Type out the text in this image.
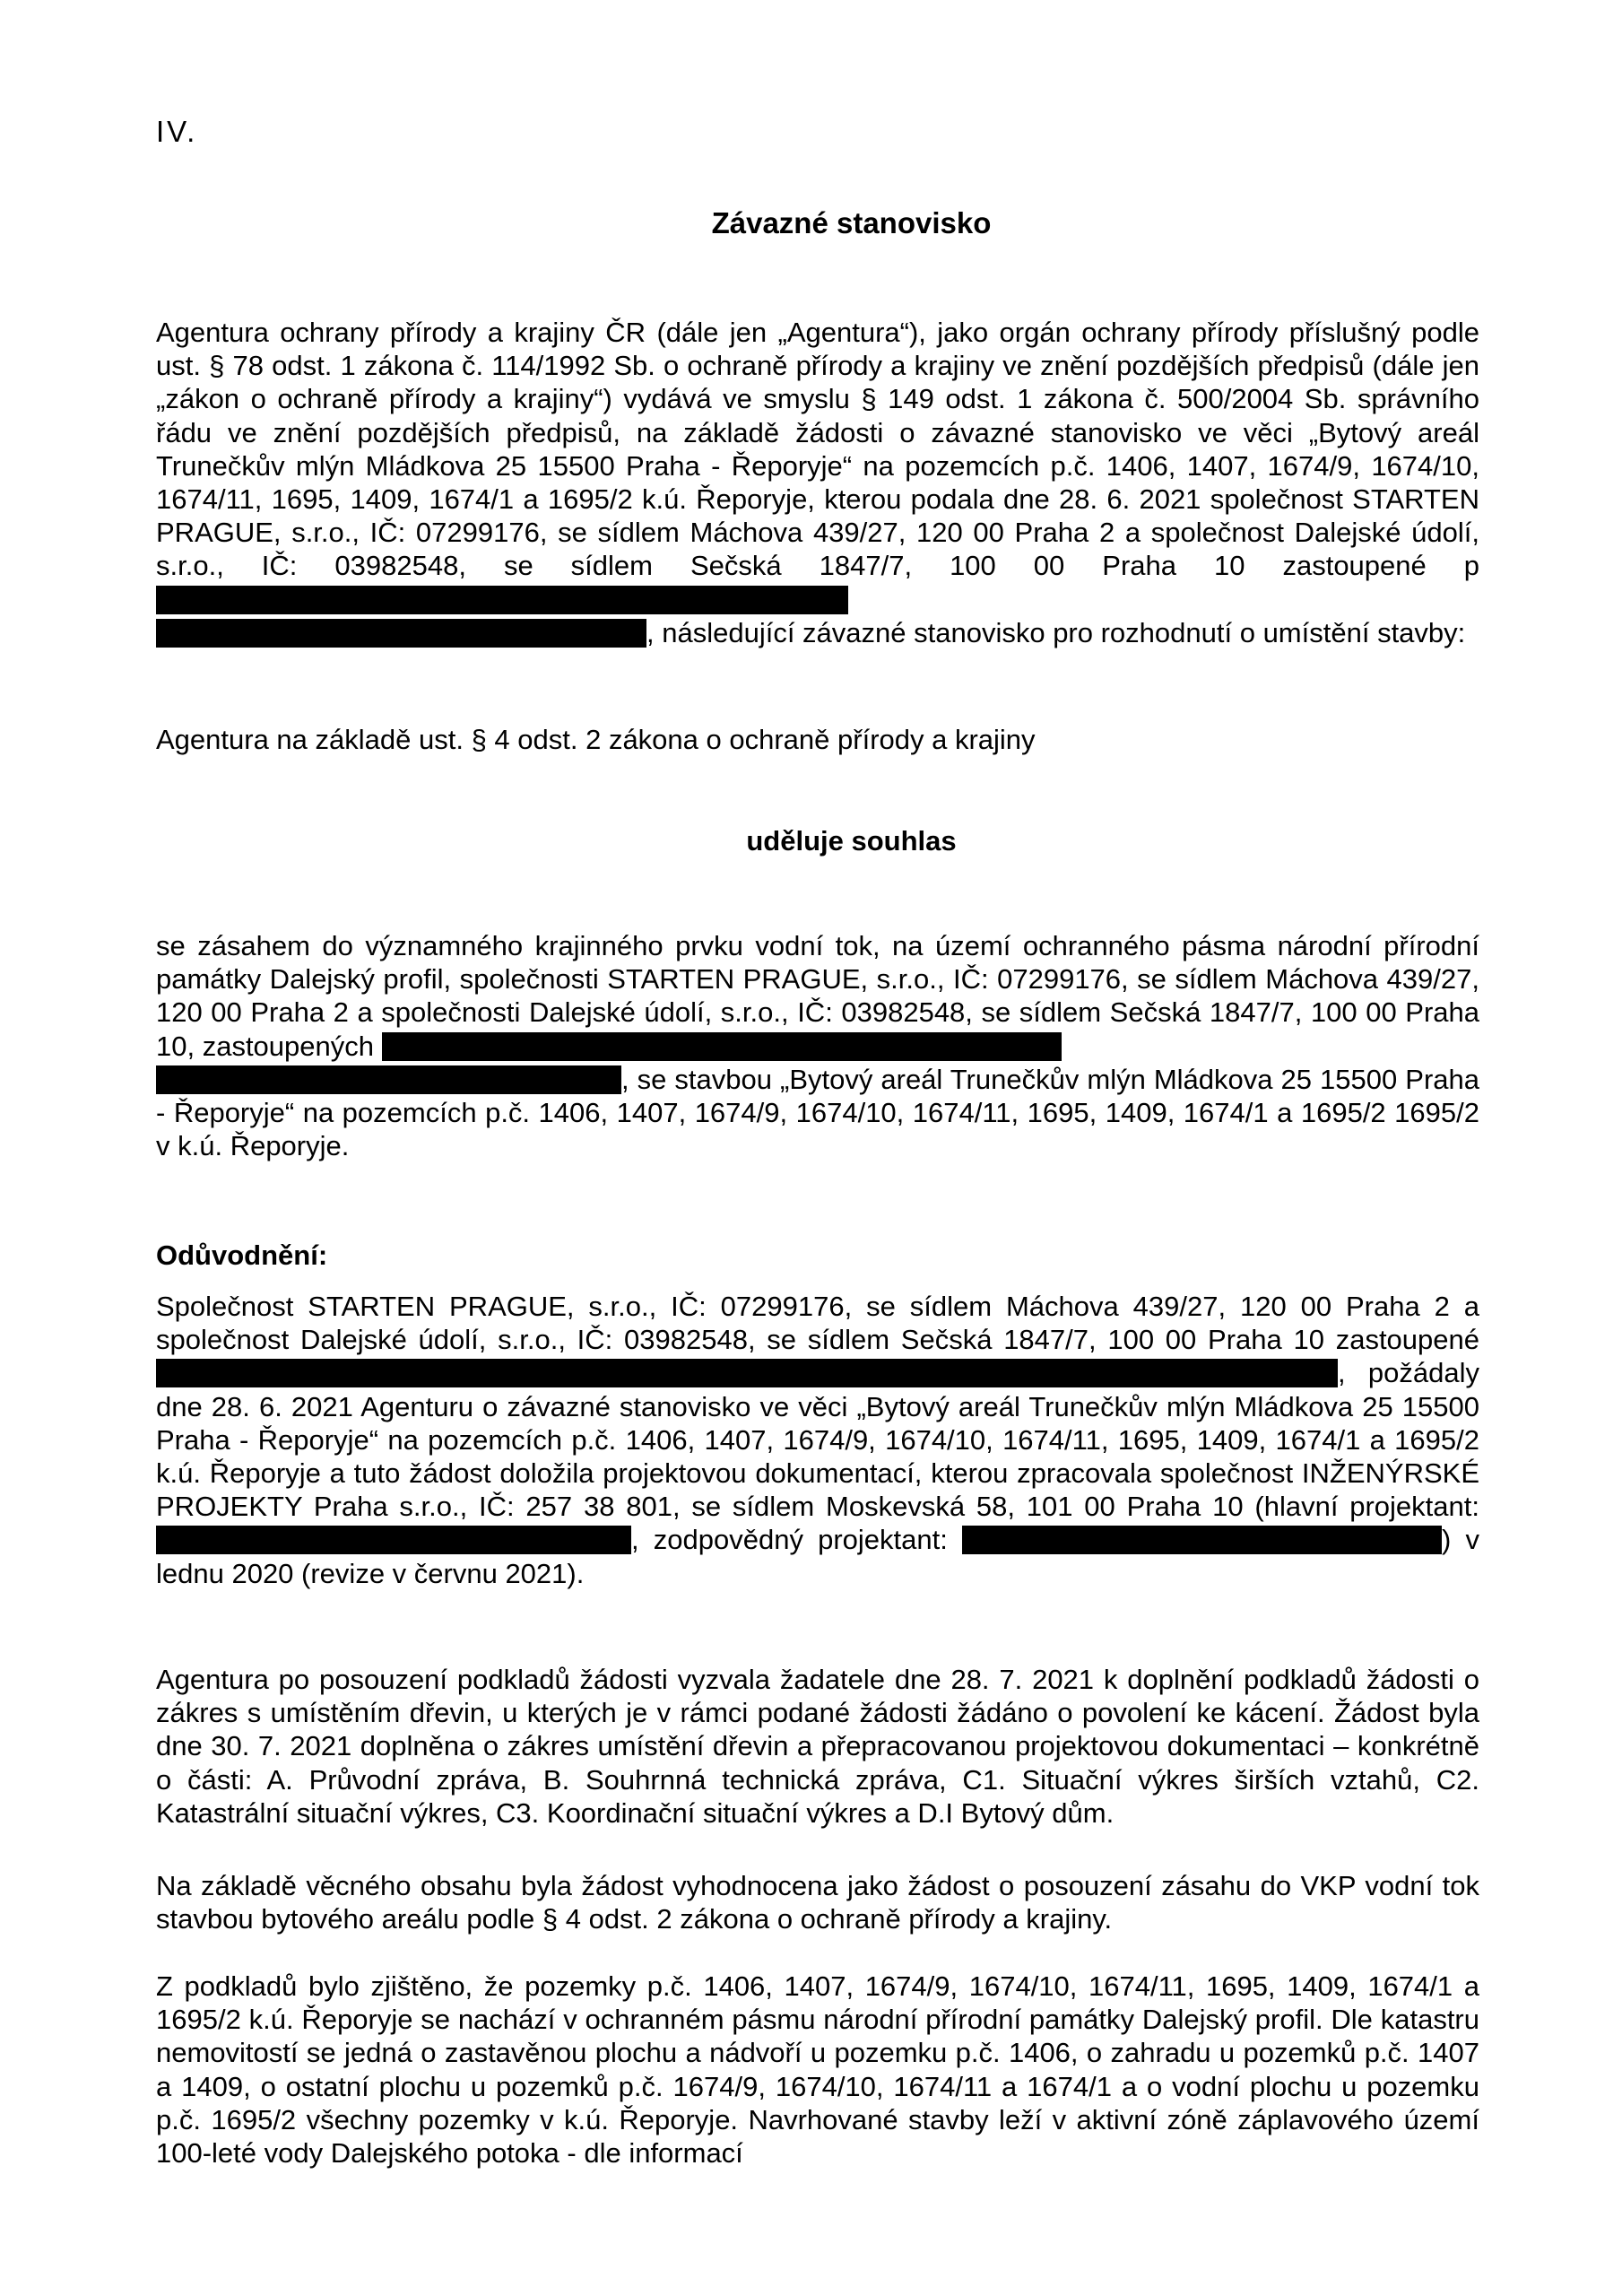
IV.

Závazné stanovisko

Agentura ochrany přírody a krajiny ČR (dále jen „Agentura“), jako orgán ochrany přírody příslušný podle ust. § 78 odst. 1 zákona č. 114/1992 Sb. o ochraně přírody a krajiny ve znění pozdějších předpisů (dále jen „zákon o ochraně přírody a krajiny“) vydává ve smyslu § 149 odst. 1 zákona č. 500/2004 Sb. správního řádu ve znění pozdějších předpisů, na základě žádosti o závazné stanovisko ve věci „Bytový areál Trunečkův mlýn Mládkova 25 15500 Praha - Řeporyje“ na pozemcích p.č. 1406, 1407, 1674/9, 1674/10, 1674/11, 1695, 1409, 1674/1 a 1695/2 k.ú. Řeporyje, kterou podala dne 28. 6. 2021 společnost STARTEN PRAGUE, s.r.o., IČ: 07299176, se sídlem Máchova 439/27, 120 00 Praha 2 a společnost Dalejské údolí, s.r.o., IČ: 03982548, se sídlem Sečská 1847/7, 100 00 Praha 10 zastoupené p
, následující závazné stanovisko pro rozhodnutí o umístění stavby:

Agentura na základě ust. § 4 odst. 2 zákona o ochraně přírody a krajiny

uděluje souhlas

se zásahem do významného krajinného prvku vodní tok, na území ochranného pásma národní přírodní památky Dalejský profil, společnosti STARTEN PRAGUE, s.r.o., IČ: 07299176, se sídlem Máchova 439/27, 120 00 Praha 2 a společnosti Dalejské údolí, s.r.o., IČ: 03982548, se sídlem Sečská 1847/7, 100 00 Praha 10, zastoupených
, se stavbou „Bytový areál Trunečkův mlýn Mládkova 25 15500 Praha - Řeporyje“ na pozemcích p.č. 1406, 1407, 1674/9, 1674/10, 1674/11, 1695, 1409, 1674/1 a 1695/2 1695/2 v k.ú. Řeporyje.

Odůvodnění:

Společnost STARTEN PRAGUE, s.r.o., IČ: 07299176, se sídlem Máchova 439/27, 120 00 Praha 2 a společnost Dalejské údolí, s.r.o., IČ: 03982548, se sídlem Sečská 1847/7, 100 00 Praha 10 zastoupené , požádaly dne 28. 6. 2021 Agenturu o závazné stanovisko ve věci „Bytový areál Trunečkův mlýn Mládkova 25 15500 Praha - Řeporyje“ na pozemcích p.č. 1406, 1407, 1674/9, 1674/10, 1674/11, 1695, 1409, 1674/1 a 1695/2 k.ú. Řeporyje a tuto žádost doložila projektovou dokumentací, kterou zpracovala společnost INŽENÝRSKÉ PROJEKTY Praha s.r.o., IČ: 257 38 801, se sídlem Moskevská 58, 101 00 Praha 10 (hlavní projektant: , zodpovědný projektant:	) v lednu 2020 (revize v červnu 2021).

Agentura po posouzení podkladů žádosti vyzvala žadatele dne 28. 7. 2021 k doplnění podkladů žádosti o zákres s umístěním dřevin, u kterých je v rámci podané žádosti žádáno o povolení ke kácení. Žádost byla dne 30. 7. 2021 doplněna o zákres umístění dřevin a přepracovanou projektovou dokumentaci – konkrétně o části: A. Průvodní zpráva, B. Souhrnná technická zpráva, C1. Situační výkres širších vztahů, C2. Katastrální situační výkres, C3. Koordinační situační výkres a D.I Bytový dům.

Na základě věcného obsahu byla žádost vyhodnocena jako žádost o posouzení zásahu do VKP vodní tok stavbou bytového areálu podle § 4 odst. 2 zákona o ochraně přírody a krajiny.

Z podkladů bylo zjištěno, že pozemky p.č. 1406, 1407, 1674/9, 1674/10, 1674/11, 1695, 1409, 1674/1 a 1695/2 k.ú. Řeporyje se nachází v ochranném pásmu národní přírodní památky Dalejský profil. Dle katastru nemovitostí se jedná o zastavěnou plochu a nádvoří u pozemku p.č. 1406, o zahradu u pozemků p.č. 1407 a 1409, o ostatní plochu u pozemků p.č. 1674/9, 1674/10, 1674/11 a 1674/1 a o vodní plochu u pozemku p.č. 1695/2 všechny pozemky v k.ú. Řeporyje. Navrhované stavby leží v aktivní zóně záplavového území 100-leté vody Dalejského potoka - dle informací
